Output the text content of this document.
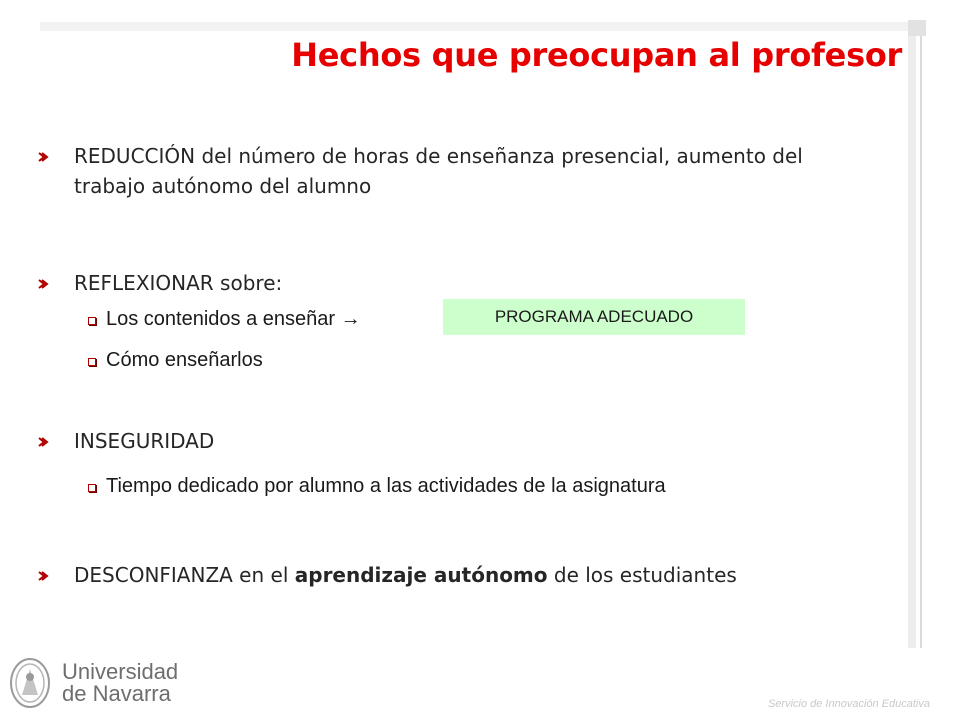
Hechos que preocupan al profesor
REDUCCIÓN del número de horas de enseñanza presencial, aumento del trabajo autónomo del alumno
REFLEXIONAR sobre:
Los contenidos a enseñar →	PROGRAMA ADECUADO
Cómo enseñarlos
INSEGURIDAD
Tiempo dedicado por alumno a las actividades de la asignatura
DESCONFIANZA en el aprendizaje autónomo de los estudiantes
Universidad
de Navarra	Servicio de Innovación Educativa
